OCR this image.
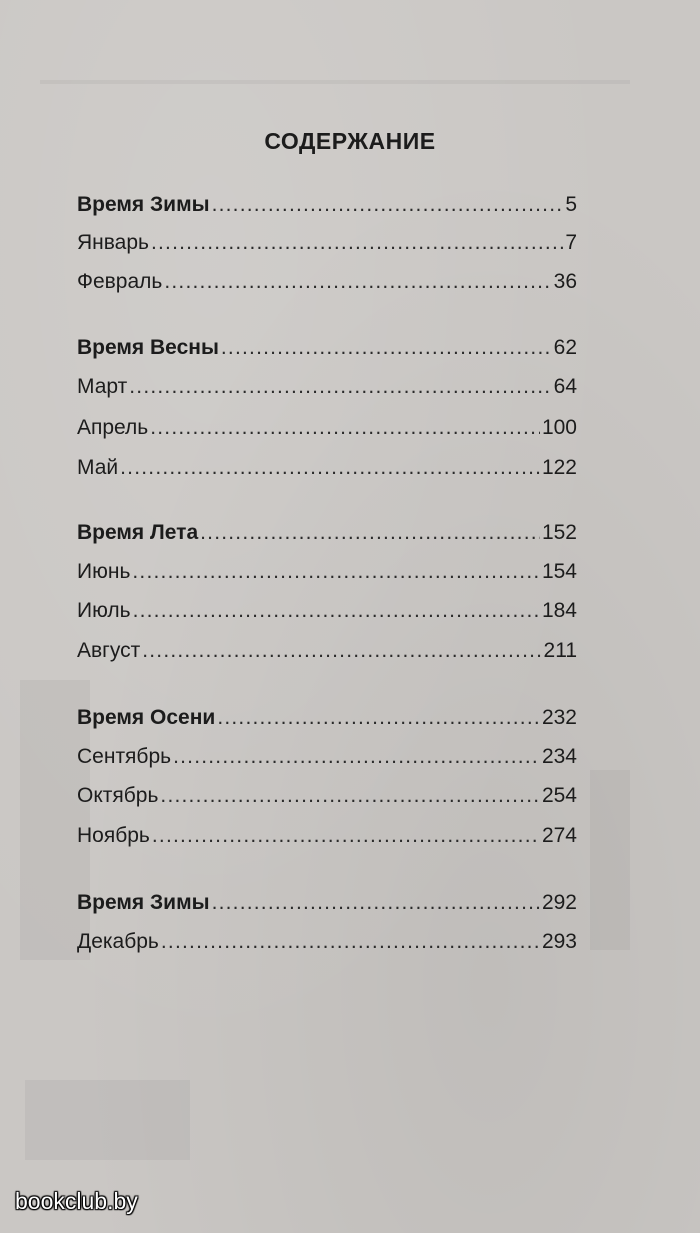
СОДЕРЖАНИЕ
Время Зимы .....	5
Январь .....	7
Февраль .....	36
Время Весны .....	62
Март .....	64
Апрель .....	100
Май .....	122
Время Лета .....	152
Июнь .....	154
Июль .....	184
Август .....	211
Время Осени .....	232
Сентябрь .....	234
Октябрь .....	254
Ноябрь .....	274
Время Зимы .....	292
Декабрь .....	293
bookclub.by
